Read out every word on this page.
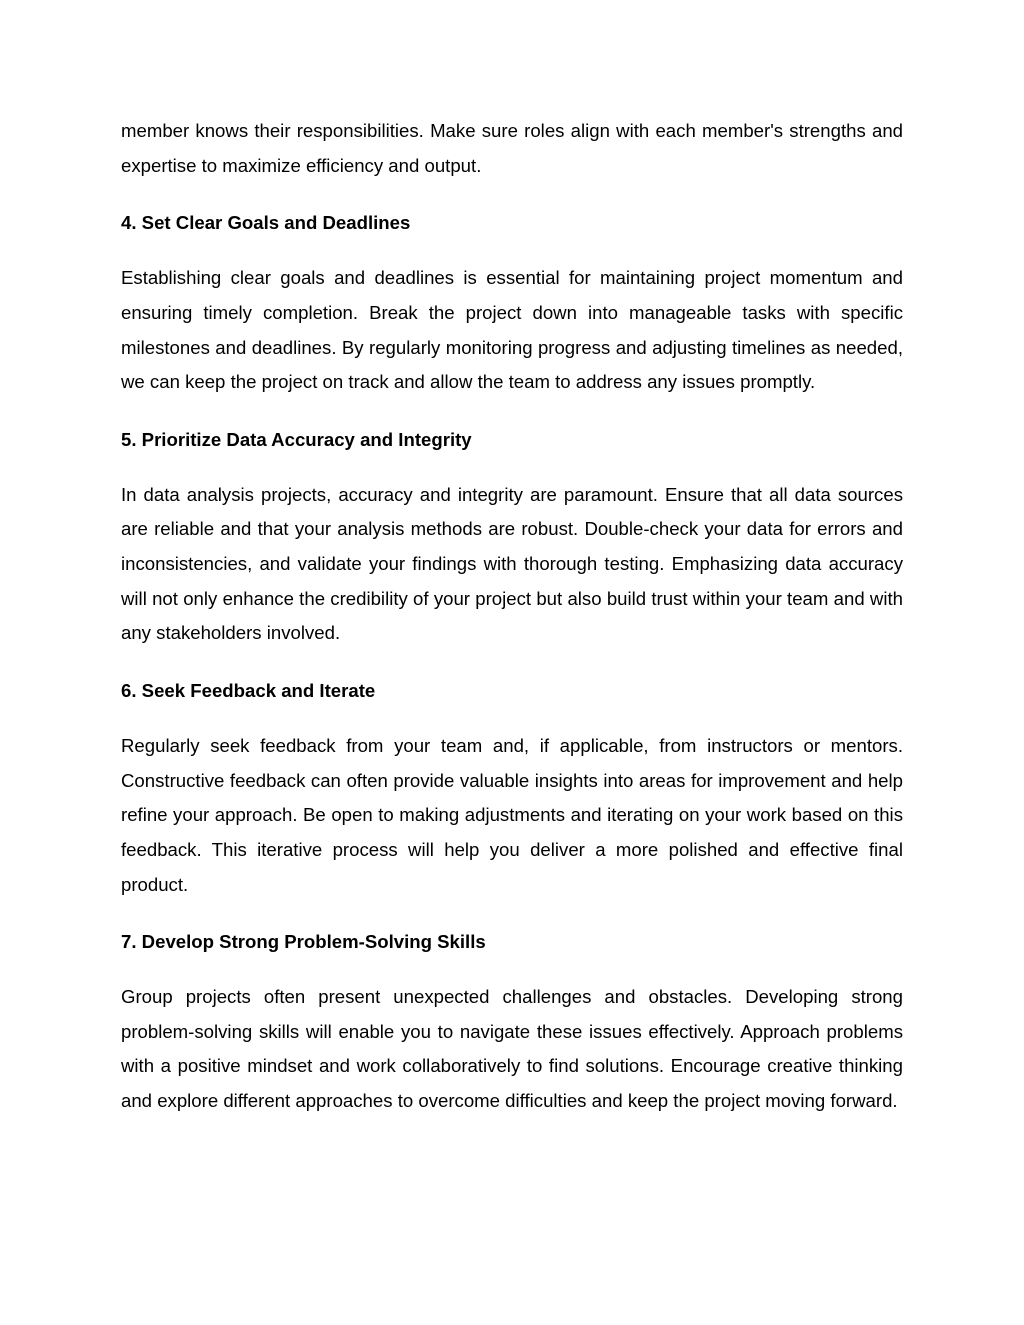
member knows their responsibilities. Make sure roles align with each member's strengths and expertise to maximize efficiency and output.

4. Set Clear Goals and Deadlines

Establishing clear goals and deadlines is essential for maintaining project momentum and ensuring timely completion. Break the project down into manageable tasks with specific milestones and deadlines. By regularly monitoring progress and adjusting timelines as needed, we can keep the project on track and allow the team to address any issues promptly.

5. Prioritize Data Accuracy and Integrity

In data analysis projects, accuracy and integrity are paramount. Ensure that all data sources are reliable and that your analysis methods are robust. Double-check your data for errors and inconsistencies, and validate your findings with thorough testing. Emphasizing data accuracy will not only enhance the credibility of your project but also build trust within your team and with any stakeholders involved.

6. Seek Feedback and Iterate

Regularly seek feedback from your team and, if applicable, from instructors or mentors. Constructive feedback can often provide valuable insights into areas for improvement and help refine your approach. Be open to making adjustments and iterating on your work based on this feedback. This iterative process will help you deliver a more polished and effective final product.

7. Develop Strong Problem-Solving Skills

Group projects often present unexpected challenges and obstacles. Developing strong problem-solving skills will enable you to navigate these issues effectively. Approach problems with a positive mindset and work collaboratively to find solutions. Encourage creative thinking and explore different approaches to overcome difficulties and keep the project moving forward.
